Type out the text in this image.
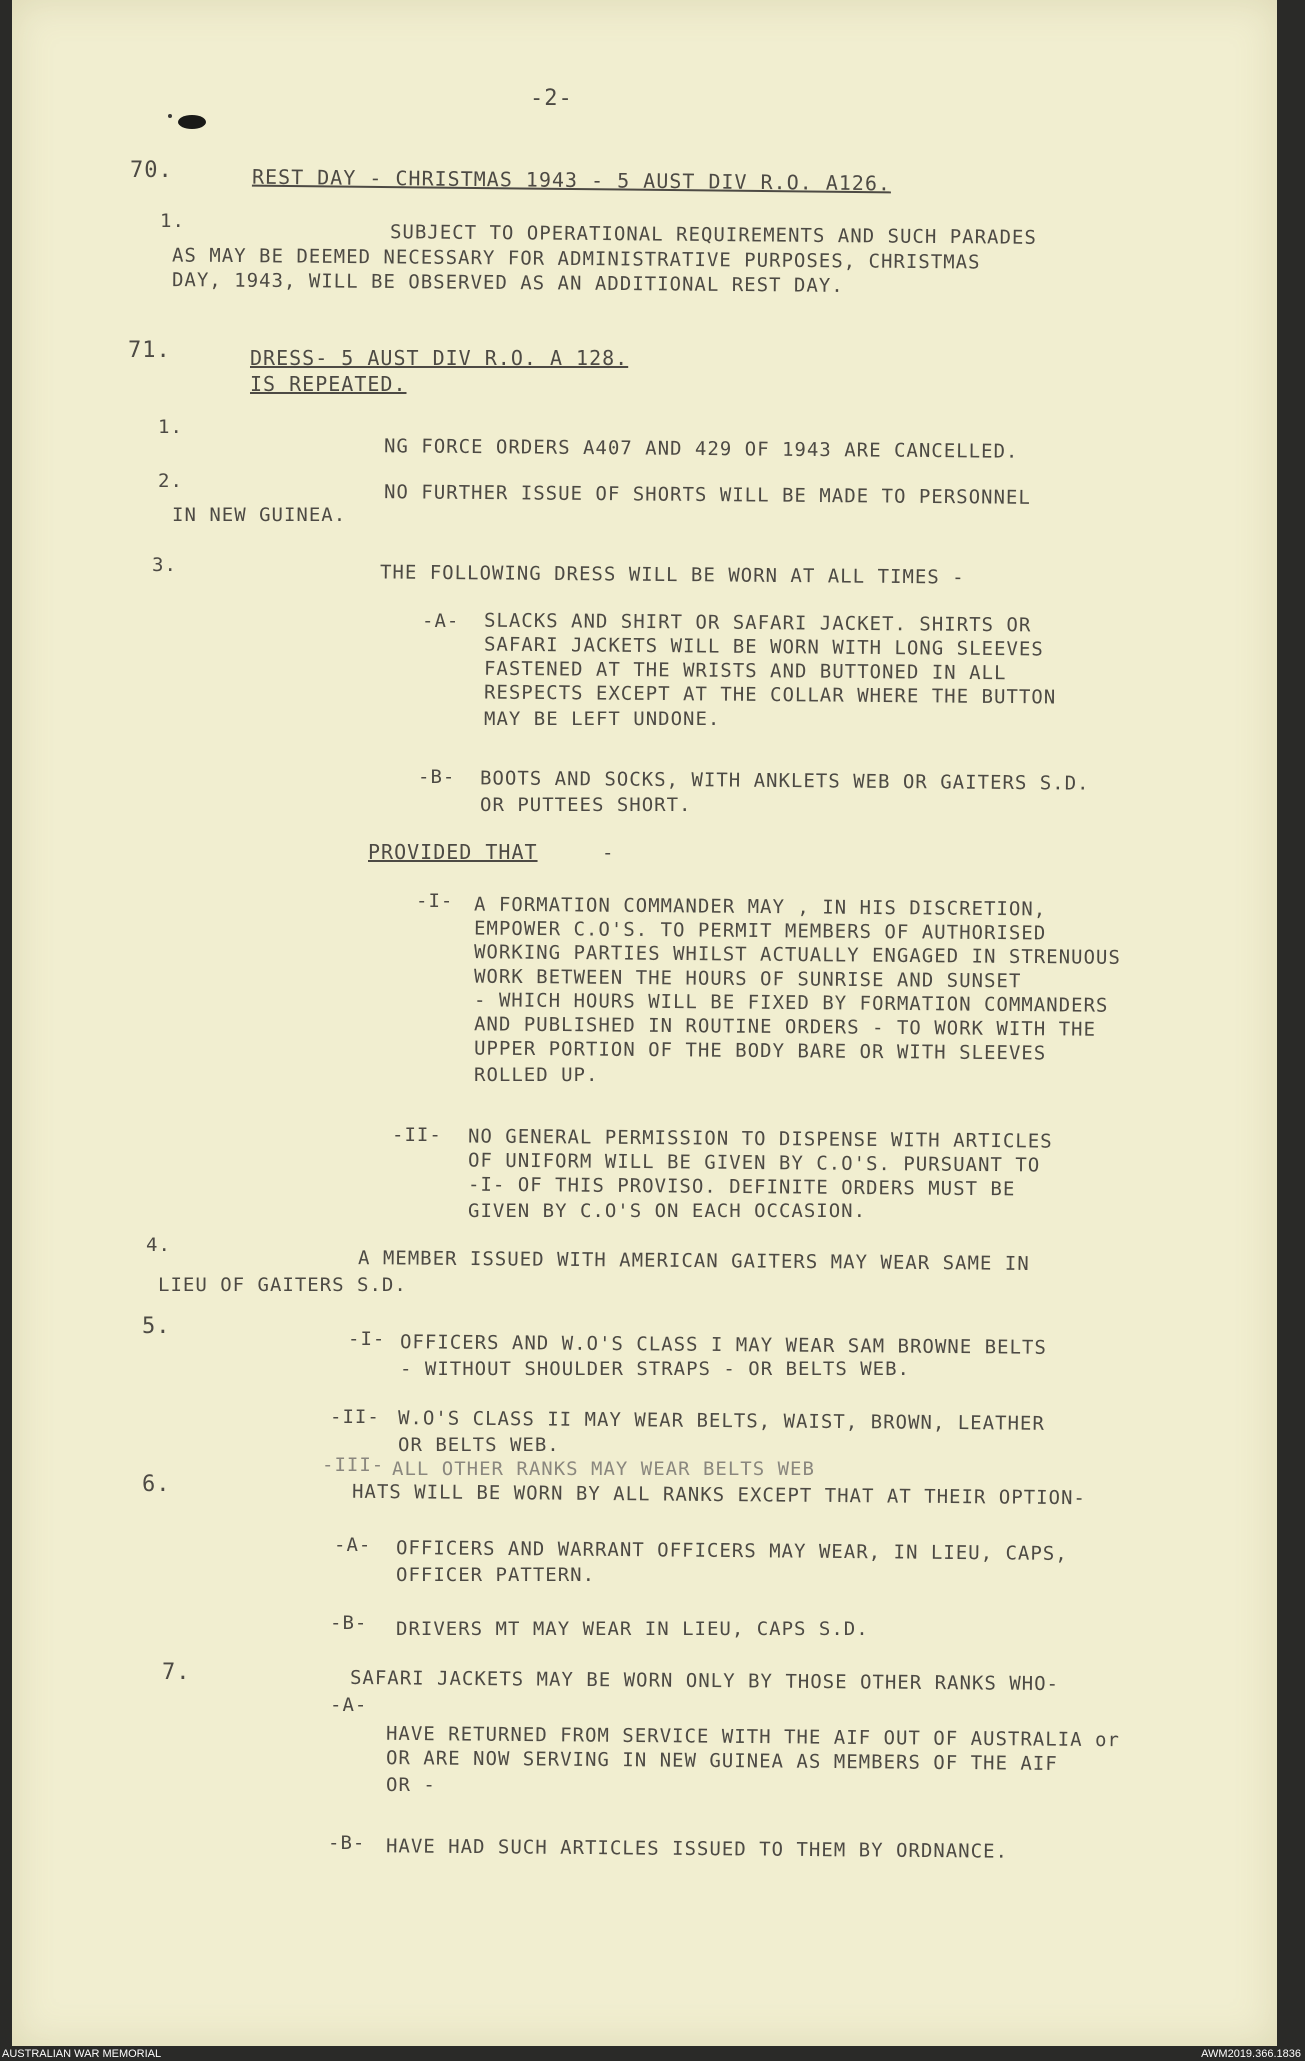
-2-
70.	REST DAY - CHRISTMAS 1943 - 5 AUST DIV R.O. A126.
1.
SUBJECT TO OPERATIONAL REQUIREMENTS AND SUCH PARADES
AS MAY BE DEEMED NECESSARY FOR ADMINISTRATIVE PURPOSES, CHRISTMAS
DAY, 1943, WILL BE OBSERVED AS AN ADDITIONAL REST DAY.
71.	DRESS- 5 AUST DIV R.O. A 128.
IS REPEATED.
1.
NG FORCE ORDERS A407 AND 429 OF 1943 ARE CANCELLED.
2.
NO FURTHER ISSUE OF SHORTS WILL BE MADE TO PERSONNEL
IN NEW GUINEA.
3.	THE FOLLOWING DRESS WILL BE WORN AT ALL TIMES -
-A- SLACKS AND SHIRT OR SAFARI JACKET. SHIRTS OR
SAFARI JACKETS WILL BE WORN WITH LONG SLEEVES
FASTENED AT THE WRISTS AND BUTTONED IN ALL
RESPECTS EXCEPT AT THE COLLAR WHERE THE BUTTON
MAY BE LEFT UNDONE.
-B- BOOTS AND SOCKS, WITH ANKLETS WEB OR GAITERS S.D.
OR PUTTEES SHORT.
PROVIDED THAT	-
-I- A FORMATION COMMANDER MAY , IN HIS DISCRETION,
EMPOWER C.O'S. TO PERMIT MEMBERS OF AUTHORISED
WORKING PARTIES WHILST ACTUALLY ENGAGED IN STRENUOUS
WORK BETWEEN THE HOURS OF SUNRISE AND SUNSET
- WHICH HOURS WILL BE FIXED BY FORMATION COMMANDERS
AND PUBLISHED IN ROUTINE ORDERS - TO WORK WITH THE
UPPER PORTION OF THE BODY BARE OR WITH SLEEVES
ROLLED UP.
-II- NO GENERAL PERMISSION TO DISPENSE WITH ARTICLES
OF UNIFORM WILL BE GIVEN BY C.O'S. PURSUANT TO
-I- OF THIS PROVISO. DEFINITE ORDERS MUST BE
GIVEN BY C.O'S ON EACH OCCASION.
4.
A MEMBER ISSUED WITH AMERICAN GAITERS MAY WEAR SAME IN
LIEU OF GAITERS S.D.
5.	-I- OFFICERS AND W.O'S CLASS I MAY WEAR SAM BROWNE BELTS
- WITHOUT SHOULDER STRAPS - OR BELTS WEB.
-II- W.O'S CLASS II MAY WEAR BELTS, WAIST, BROWN, LEATHER
OR BELTS WEB.
-III- ALL OTHER RANKS MAY WEAR BELTS WEB
6.	HATS WILL BE WORN BY ALL RANKS EXCEPT THAT AT THEIR OPTION-
-A- OFFICERS AND WARRANT OFFICERS MAY WEAR, IN LIEU, CAPS,
OFFICER PATTERN.
-B- DRIVERS MT MAY WEAR IN LIEU, CAPS S.D.
7.	SAFARI JACKETS MAY BE WORN ONLY BY THOSE OTHER RANKS WHO-
-A-
HAVE RETURNED FROM SERVICE WITH THE AIF OUT OF AUSTRALIA or
OR ARE NOW SERVING IN NEW GUINEA AS MEMBERS OF THE AIF
OR -
-B- HAVE HAD SUCH ARTICLES ISSUED TO THEM BY ORDNANCE.
AUSTRALIAN WAR MEMORIAL	AWM2019.366.1836
